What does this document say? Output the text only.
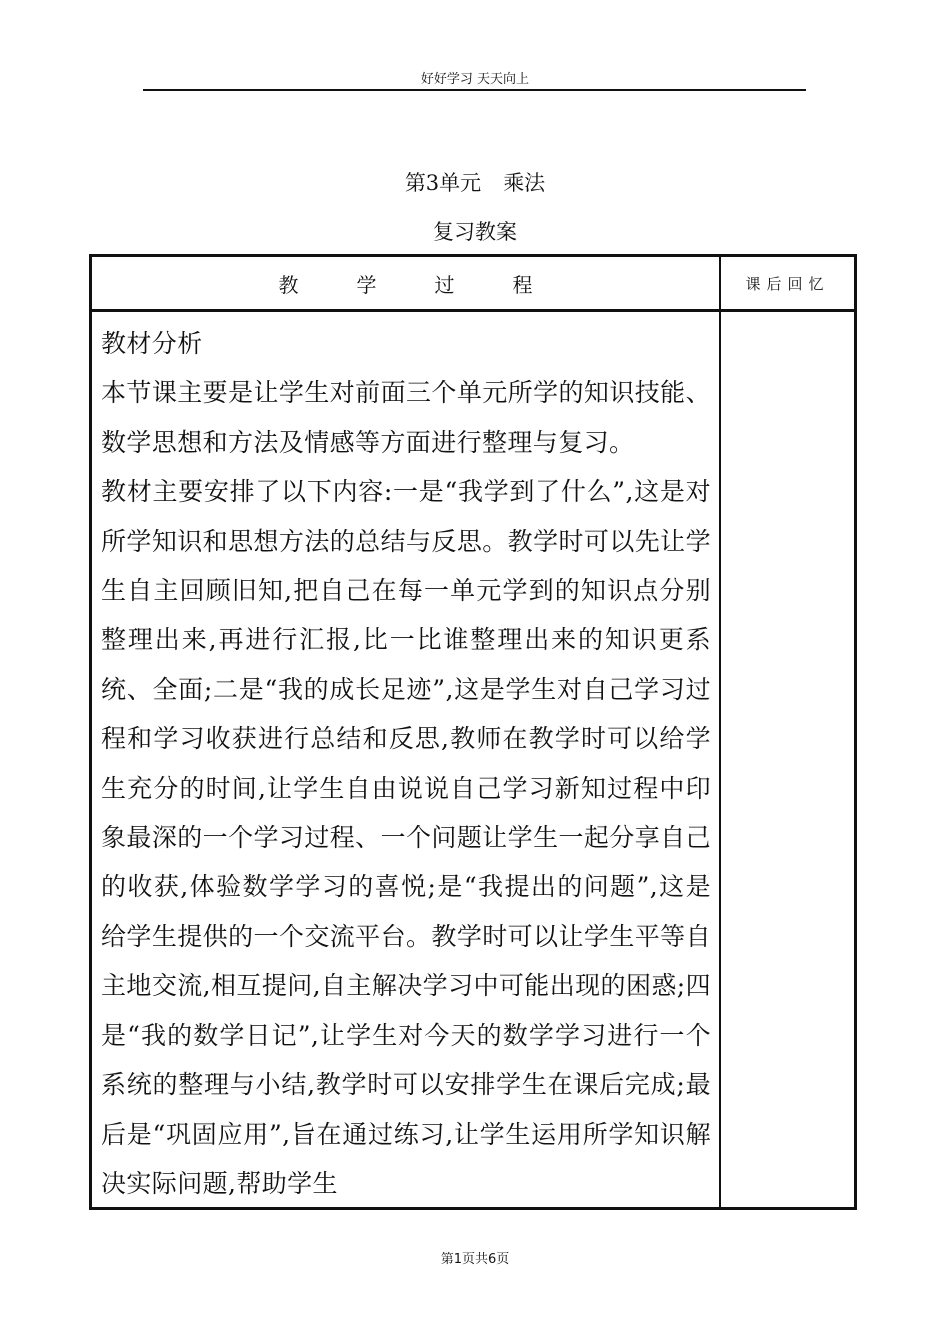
好好学习 天天向上
第3单元 乘法
复习教案
教学过程	课后回忆

教材分析

本节课主要是让学生对前面三个单元所学的知识技能、数学思想和方法及情感等方面进行整理与复习。

教材主要安排了以下内容:一是“我学到了什么”,这是对所学知识和思想方法的总结与反思。教学时可以先让学生自主回顾旧知,把自己在每一单元学到的知识点分别整理出来,再进行汇报,比一比谁整理出来的知识更系统、全面;二是“我的成长足迹”,这是学生对自己学习过程和学习收获进行总结和反思,教师在教学时可以给学生充分的时间,让学生自由说说自己学习新知过程中印象最深的一个学习过程、一个问题让学生一起分享自己的收获,体验数学学习的喜悦;是“我提出的问题”,这是给学生提供的一个交流平台。教学时可以让学生平等自主地交流,相互提问,自主解决学习中可能出现的困惑;四是“我的数学日记”,让学生对今天的数学学习进行一个系统的整理与小结,教学时可以安排学生在课后完成;最后是“巩固应用”,旨在通过练习,让学生运用所学知识解决实际问题,帮助学生

第1页共6页
